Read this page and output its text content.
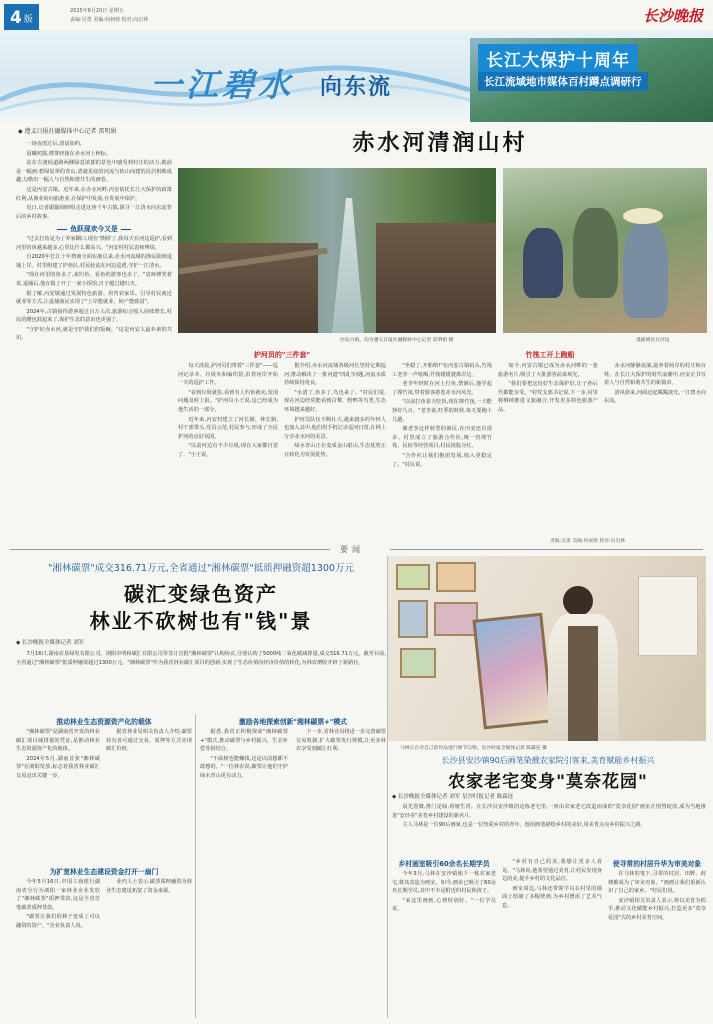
4 版
2025年6月20日 星期五
责编:吴勇 美编:何昶蓉 校对:向启林	长沙晚报
一江碧水 向东流
长江大保护十周年
长江流域地市媒体百村蹲点调研行
◆ 遵义日报社融媒体中心记者 雷明娟	赤水河清润山村

一场夜雨过后,清晨如约。

晨曦初露,薄雾轻拢在赤水河上秋标。

站在古渡码道路两侧绿意浓郁的景色中感受到村庄的活力,眼前是一幅画:碧绿复翠的青山,清澈见底的河流与依山而建的民居相映成趣,勾勒出一幅人与自然和谐共生的画卷。

这是丙安古镇。近年来,在赤水河畔,丙安依托长江大保护的政策红利,从渔业转向旅游业,在保护中发展,在发展中保护。

近日,记者跟随调研组走进这座千年古镇,探寻一江清水向东流背后的乡村故事。

鱼跃现欢今又是

"过去打鱼是为了养家糊口,现在'禁捕'了,我每天在河边巡护,看到河里的鱼越来越多,心里比什么都高兴。"丙安村村民袁师傅说。

自2020年长江十年禁渔全面实施以来,赤水河流域的渔民陆续退捕上岸。村里组建了护鱼队,村民轮流在河边巡逻,守护一江清水。

"现在河里的鱼多了,来钓鱼、看鱼的游客也多了。"袁师傅笑着说,退捕后,他在镇上开了一家小饭馆,日子越过越红火。

据了解,丙安镇通过发展特色旅游、培育农家乐、引导村民就近就业等方式,让退捕渔民实现了"上岸能就业、转产能致富"。

2024年,古镇接待游客超过百万人次,旅游综合收入持续增长,村民的腰包鼓起来了,保护生态的意识也更强了。

"守护好赤水河,就是守护我们的饭碗。"这是丙安人最朴素的共识。	丙安古镇。均为遵义日报社融媒体中心记者 雷明娟 摄	退捕渔民在河边
护河员的"三件套"

每天清晨,护河员们带着"三件套"——巡河记录本、垃圾夹和编织袋,沿着河岸开始一天的巡护工作。

"看到垃圾就捡,看到有人钓鱼就劝,发现问题及时上报。"护河员小王说,这已经成为他生活的一部分。

近年来,丙安村建立了河长制、林长制,村干部带头,党员示范,村民参与,形成了全民护河的良好氛围。

"以前河边有不少垃圾,现在大家都自觉了。"小王说。

据介绍,赤水河流域各级河长坚持定期巡河,推动解决了一批河道"四乱"问题,河流水质持续保持优良。

"水清了,鱼多了,鸟也来了。"村民们说,现在河边经常能看到白鹭、野鸭等鸟类,生态环境越来越好。

护河员队伍不断壮大,越来越多的年轻人也加入其中,他们用手机记录巡河日常,在网上分享赤水河的美景。

绿水青山正在变成金山银山,生态优势正在转化为发展优势。

竹筏工开上跑船

"坐稳了,开船咯!"在丙安古镇码头,竹筏工老李一声吆喝,竹筏缓缓驶离岸边。

老李年轻时在河上打鱼,禁渔后,他学起了撑竹筏,带着游客游览赤水河风光。

"以前打鱼靠天吃饭,现在撑竹筏,一天能挣好几百。"老李说,旺季的时候,每天要跑十几趟。

像老李这样转型的渔民,在丙安还有很多。村里成立了旅游合作社,统一管理竹筏、民宿等经营项目,村民按股分红。

"合作社让我们抱团发展,收入更稳定了。"村民说。

如今,丙安古镇已成为赤水河畔的一张旅游名片,吸引了大批游客前来观光。

"我们要把这份好生态保护好,让子孙后代都能享受。"村党支部书记说,下一步,村里将继续推进文旅融合,开发更多特色旅游产品。

赤水河静静流淌,滋养着两岸的村庄和百姓。在长江大保护的时代浪潮中,丙安正书写着人与自然和谐共生的新篇章。

清风徐来,河面泛起粼粼波光,一江碧水向东流。

责编:吴勇 美编:何昶蓉 校对:向启林
要闻
"湘林碳票"成交316.71万元,全省通过"湘林碳票"抵质押融资超1300万元
碳汇变绿色资产
林业不砍树也有"钱"景
◆ 长沙晚报全媒体记者 刘军

7月16日,湖南农垦绿发有限公司、浏阳市明和碳汇有限公司等签订首批"湘林碳票"认购协议,分别认购了5000吨二氧化碳减排量,成交316.71万元。截至目前,全省通过"湘林碳票"抵质押融资超过1300万元。"湘林碳票"作为我省林业碳汇项目的创新,实现了生态价值向经济价值的转化,为林农增收开辟了新路径。

推动林业生态资源资产化的载体

"湘林碳票"是湖南省开发的林业碳汇项目减排量的凭证,是推动林业生态资源资产化的载体。

2024年5月,湖南首张"湘林碳票"在浏阳发放,标志着我省林业碳汇交易迈出关键一步。

据省林业局相关负责人介绍,碳票持有者可通过交易、质押等方式实现碳汇价值。

为扩宽林业生态建设资金打开一扇门

今年5月16日,中国工商银行湖南省分行为浏阳一家林业企业发放了"湘林碳票"质押贷款,这是全省首笔碳票质押贷款。

"碳票让我们的林子变成了可以融资的资产。"企业负责人说。

业内人士表示,碳票质押融资为林业生态建设拓宽了资金来源。

激励各地探索创新"湘林碳票+"模式

据悉,我省正积极探索"湘林碳票+"模式,推动碳票与乡村振兴、生态补偿等相结合。

"不砍树也能赚钱,这是以前想都不敢想的。"一位林农说,碳票让他们守护绿水青山更有动力。

下一步,省林业局将进一步完善碳票交易机制,扩大碳票发行规模,让更多林农享受到碳汇红利。	马林正在对自己的作品进行细节勾勒。星沙时报全媒体记者 陈霖连 摄
长沙县安沙镇90后画笔染靓农家院引客来,美育赋能乡村振兴
农家老宅变身"莫奈花园"
◆ 长沙晚报全媒体记者 刘军 星沙时报记者 陈霖连

晨光熹微,推门见绿,荷塘生香。在长沙县安沙镇的这栋老宅里,一座由农家老宅改造而成的"莫奈花园"画室正悄然绽放,成为当地推进"安沙美"美育乡村建设的新名片。

主人马林是一位90后画家,也是一位热爱乡村的青年。他用画笔描绘乡村的美好,用美育点亮乡村振兴之路。

乡村画室吸引60余名长期学员

今年3月,马林在安沙镇租下一栋农家老宅,将其改造为画室。如今,画室已吸引了60余名长期学员,其中不少是附近的村民和孩子。

"来这里画画,心情特别好。"一位学员说。

"乡村有自己的美,我想让更多人看见。"马林说,他希望通过美育,让村民发现身边的美,提升乡村的文化品位。

画室周边,马林还带领学员在村里的墙面上绘制了多幅壁画,为乡村增添了艺术气息。

使寻常的村居升华为审美对象

在马林的笔下,寻常的村居、田野、荷塘都成为了审美对象。"画画让我们重新认识了自己的家乡。"村民们说。

安沙镇相关负责人表示,将以美育为抓手,推动文化赋能乡村振兴,打造更多"莫奈花园"式的乡村美育空间。
